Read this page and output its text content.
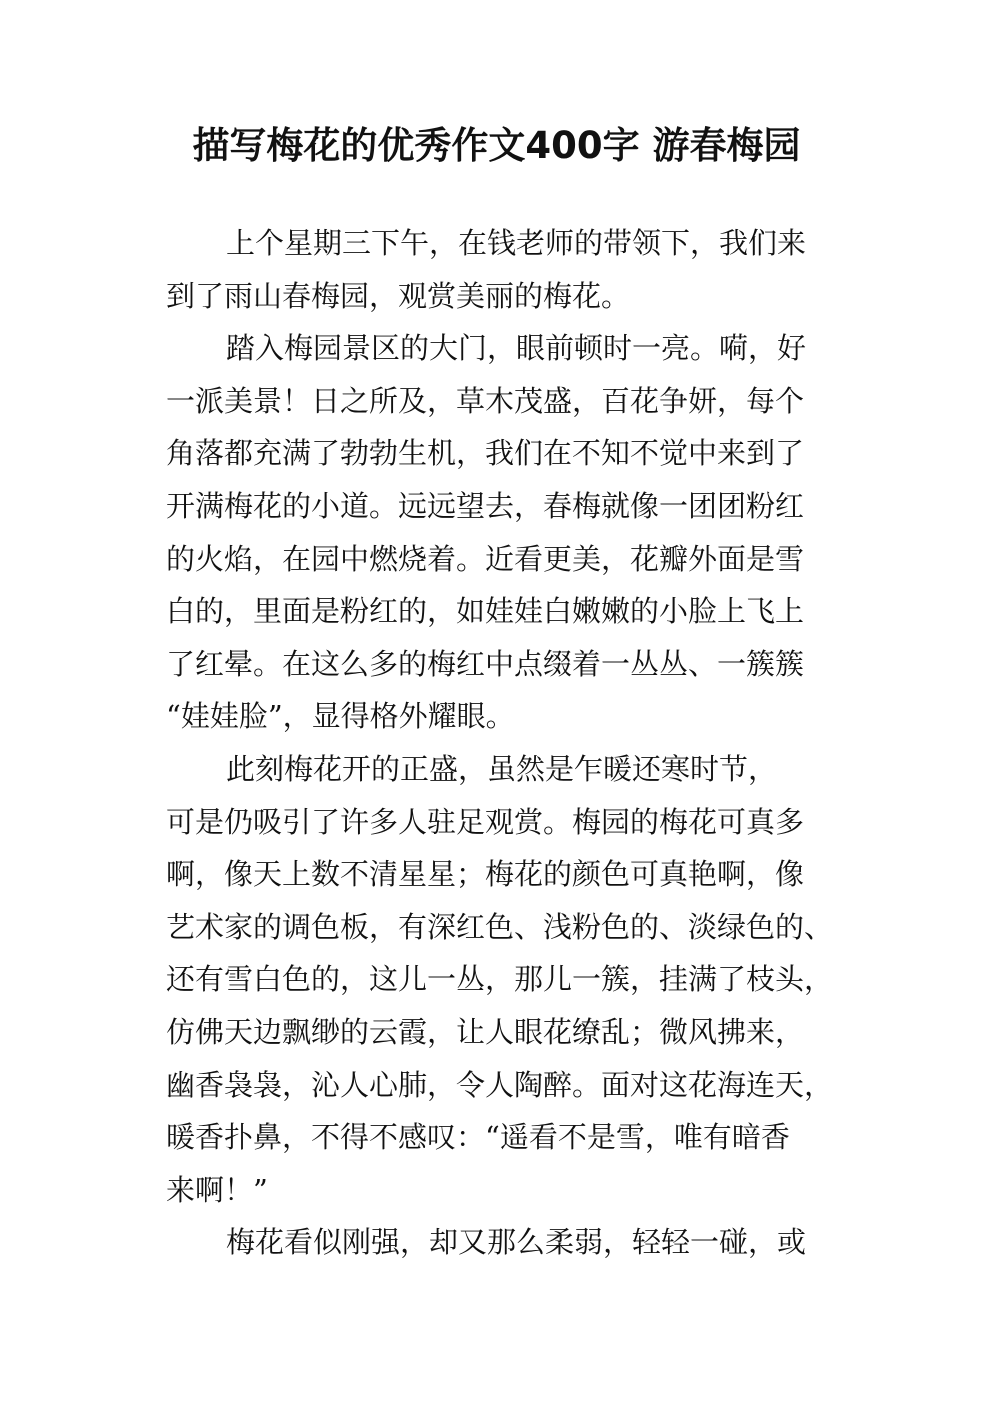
描写梅花的优秀作文400字 游春梅园
上个星期三下午，在钱老师的带领下，我们来
到了雨山春梅园，观赏美丽的梅花。
踏入梅园景区的大门，眼前顿时一亮。嗬，好
一派美景！日之所及，草木茂盛，百花争妍，每个
角落都充满了勃勃生机，我们在不知不觉中来到了
开满梅花的小道。远远望去，春梅就像一团团粉红
的火焰，在园中燃烧着。近看更美，花瓣外面是雪
白的，里面是粉红的，如娃娃白嫩嫩的小脸上飞上
了红晕。在这么多的梅红中点缀着一丛丛、一簇簇
“娃娃脸”，显得格外耀眼。
此刻梅花开的正盛，虽然是乍暖还寒时节，
可是仍吸引了许多人驻足观赏。梅园的梅花可真多
啊，像天上数不清星星；梅花的颜色可真艳啊，像
艺术家的调色板，有深红色、浅粉色的、淡绿色的、
还有雪白色的，这儿一丛，那儿一簇，挂满了枝头，
仿佛天边飘缈的云霞，让人眼花缭乱；微风拂来，
幽香袅袅，沁人心肺，令人陶醉。面对这花海连天，
暖香扑鼻，不得不感叹：“遥看不是雪，唯有暗香
来啊！”
梅花看似刚强，却又那么柔弱，轻轻一碰，或
